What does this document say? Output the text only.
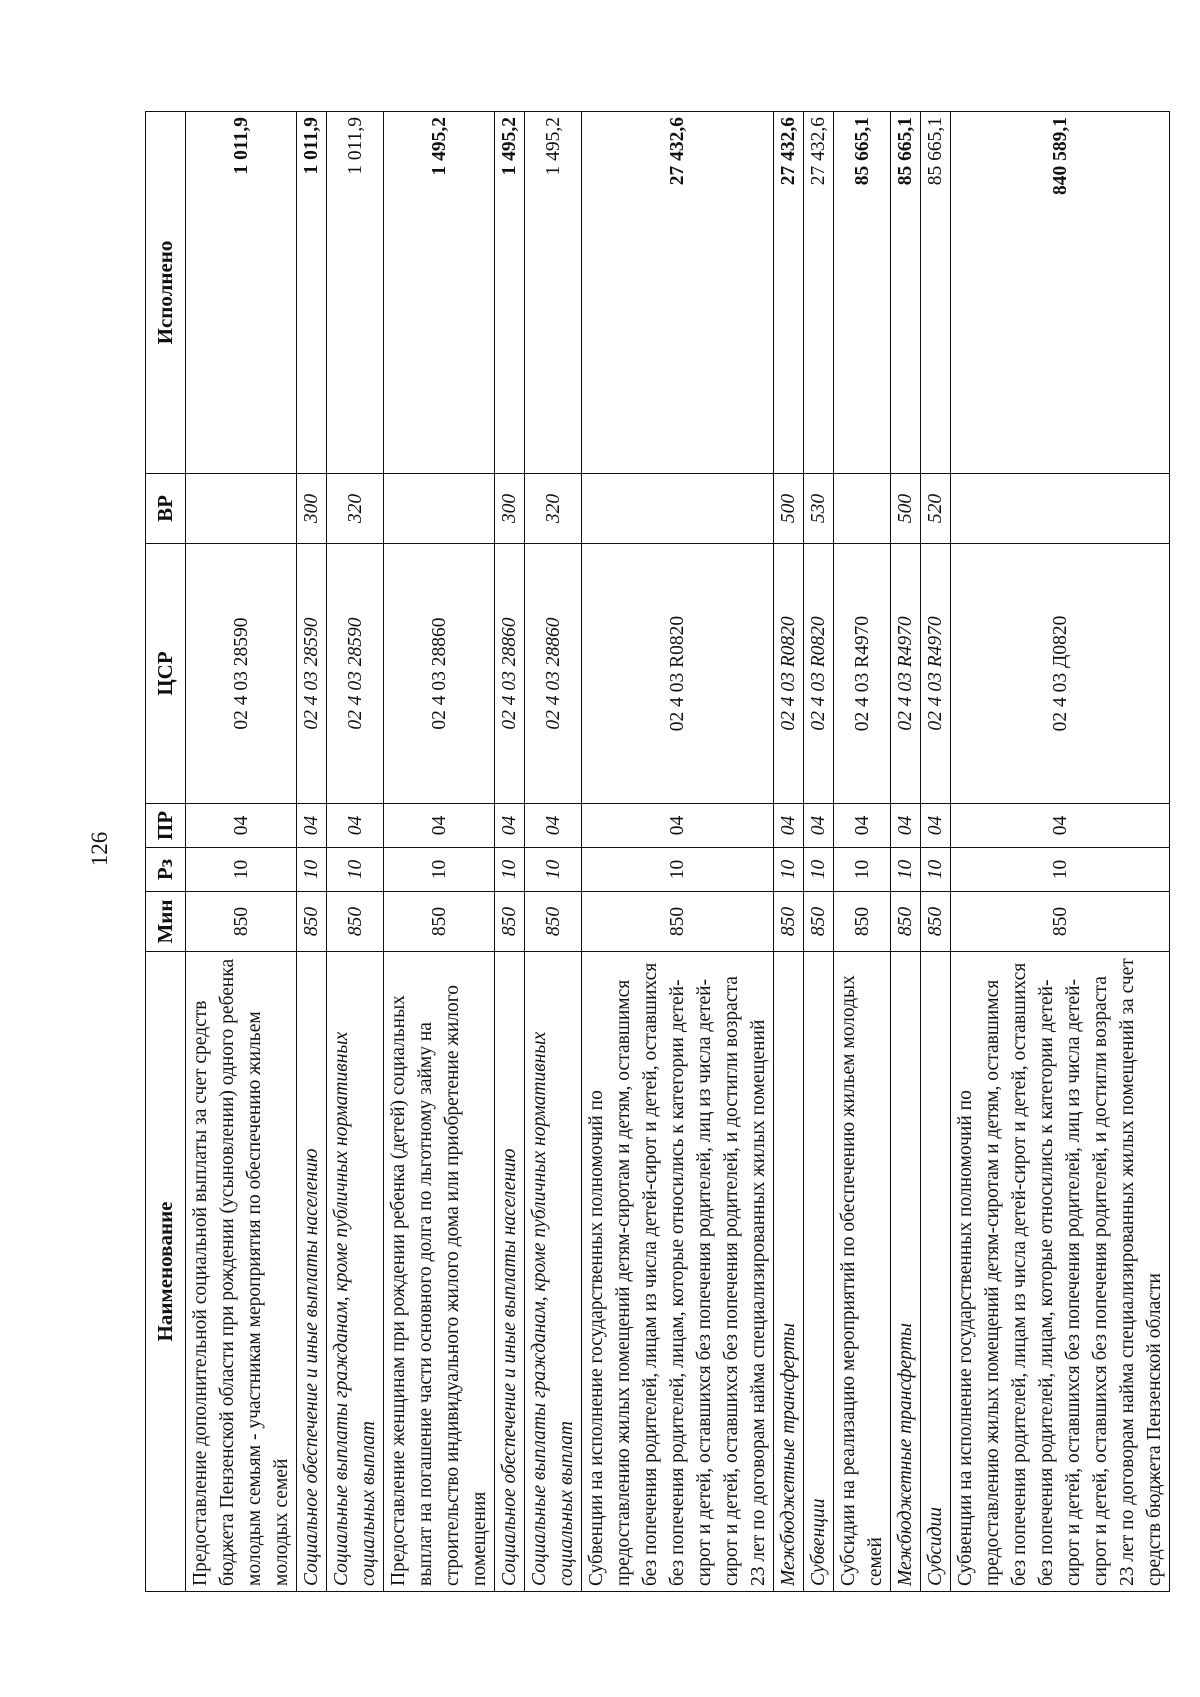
126
Наименование	Мин	Рз	ПР	ЦСР	ВР	Исполнено
Предоставление дополнительной социальной выплаты за счет средств бюджета Пензенской области при рождении (усыновлении) одного ребенка молодым семьям - участникам мероприятия по обеспечению жильем молодых семей	850	10	04	02 4 03 28590		1 011,9
Социальное обеспечение и иные выплаты населению	850	10	04	02 4 03 28590	300	1 011,9
Социальные выплаты гражданам, кроме публичных нормативных социальных выплат	850	10	04	02 4 03 28590	320	1 011,9
Предоставление женщинам при рождении ребенка (детей) социальных выплат на погашение части основного долга по льготному займу на строительство индивидуального жилого дома или приобретение жилого помещения	850	10	04	02 4 03 28860		1 495,2
Социальное обеспечение и иные выплаты населению	850	10	04	02 4 03 28860	300	1 495,2
Социальные выплаты гражданам, кроме публичных нормативных социальных выплат	850	10	04	02 4 03 28860	320	1 495,2
Субвенции на исполнение государственных полномочий по предоставлению жилых помещений детям-сиротам и детям, оставшимся без попечения родителей, лицам из числа детей-сирот и детей, оставшихся без попечения родителей, лицам, которые относились к категории детей-сирот и детей, оставшихся без попечения родителей, лиц из числа детей-сирот и детей, оставшихся без попечения родителей, и достигли возраста 23 лет по договорам найма специализированных жилых помещений	850	10	04	02 4 03 R0820		27 432,6
Межбюджетные трансферты	850	10	04	02 4 03 R0820	500	27 432,6
Субвенции	850	10	04	02 4 03 R0820	530	27 432,6
Субсидии на реализацию мероприятий по обеспечению жильем молодых семей	850	10	04	02 4 03 R4970		85 665,1
Межбюджетные трансферты	850	10	04	02 4 03 R4970	500	85 665,1
Субсидии	850	10	04	02 4 03 R4970	520	85 665,1
Субвенции на исполнение государственных полномочий по предоставлению жилых помещений детям-сиротам и детям, оставшимся без попечения родителей, лицам из числа детей-сирот и детей, оставшихся без попечения родителей, лицам, которые относились к категории детей-сирот и детей, оставшихся без попечения родителей, лиц из числа детей-сирот и детей, оставшихся без попечения родителей, и достигли возраста 23 лет по договорам найма специализированных жилых помещений за счет средств бюджета Пензенской области	850	10	04	02 4 03 Д0820		840 589,1
